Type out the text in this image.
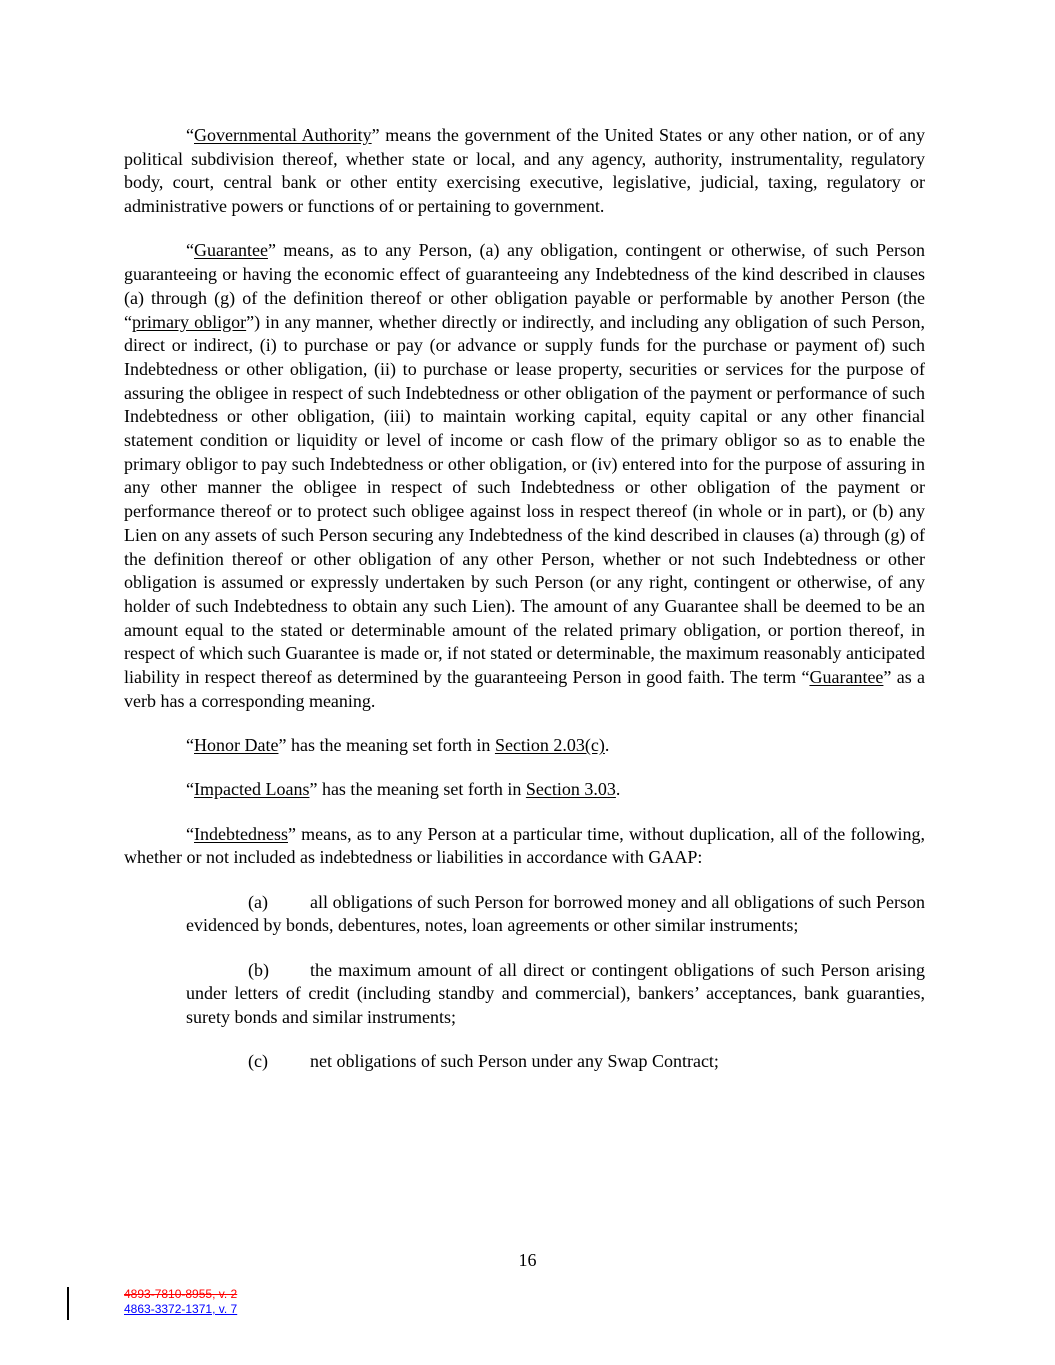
“Governmental Authority” means the government of the United States or any other nation, or of any political subdivision thereof, whether state or local, and any agency, authority, instrumentality, regulatory body, court, central bank or other entity exercising executive, legislative, judicial, taxing, regulatory or administrative powers or functions of or pertaining to government.

“Guarantee” means, as to any Person, (a) any obligation, contingent or otherwise, of such Person guaranteeing or having the economic effect of guaranteeing any Indebtedness of the kind described in clauses (a) through (g) of the definition thereof or other obligation payable or performable by another Person (the “primary obligor”) in any manner, whether directly or indirectly, and including any obligation of such Person, direct or indirect, (i) to purchase or pay (or advance or supply funds for the purchase or payment of) such Indebtedness or other obligation, (ii) to purchase or lease property, securities or services for the purpose of assuring the obligee in respect of such Indebtedness or other obligation of the payment or performance of such Indebtedness or other obligation, (iii) to maintain working capital, equity capital or any other financial statement condition or liquidity or level of income or cash flow of the primary obligor so as to enable the primary obligor to pay such Indebtedness or other obligation, or (iv) entered into for the purpose of assuring in any other manner the obligee in respect of such Indebtedness or other obligation of the payment or performance thereof or to protect such obligee against loss in respect thereof (in whole or in part), or (b) any Lien on any assets of such Person securing any Indebtedness of the kind described in clauses (a) through (g) of the definition thereof or other obligation of any other Person, whether or not such Indebtedness or other obligation is assumed or expressly undertaken by such Person (or any right, contingent or otherwise, of any holder of such Indebtedness to obtain any such Lien). The amount of any Guarantee shall be deemed to be an amount equal to the stated or determinable amount of the related primary obligation, or portion thereof, in respect of which such Guarantee is made or, if not stated or determinable, the maximum reasonably anticipated liability in respect thereof as determined by the guaranteeing Person in good faith. The term “Guarantee” as a verb has a corresponding meaning.

“Honor Date” has the meaning set forth in Section 2.03(c).

“Impacted Loans” has the meaning set forth in Section 3.03.

“Indebtedness” means, as to any Person at a particular time, without duplication, all of the following, whether or not included as indebtedness or liabilities in accordance with GAAP:

(a) all obligations of such Person for borrowed money and all obligations of such Person evidenced by bonds, debentures, notes, loan agreements or other similar instruments;

(b) the maximum amount of all direct or contingent obligations of such Person arising under letters of credit (including standby and commercial), bankers’ acceptances, bank guaranties, surety bonds and similar instruments;

(c) net obligations of such Person under any Swap Contract;

16
4893-7810-8955, v. 2
4863-3372-1371, v. 7
